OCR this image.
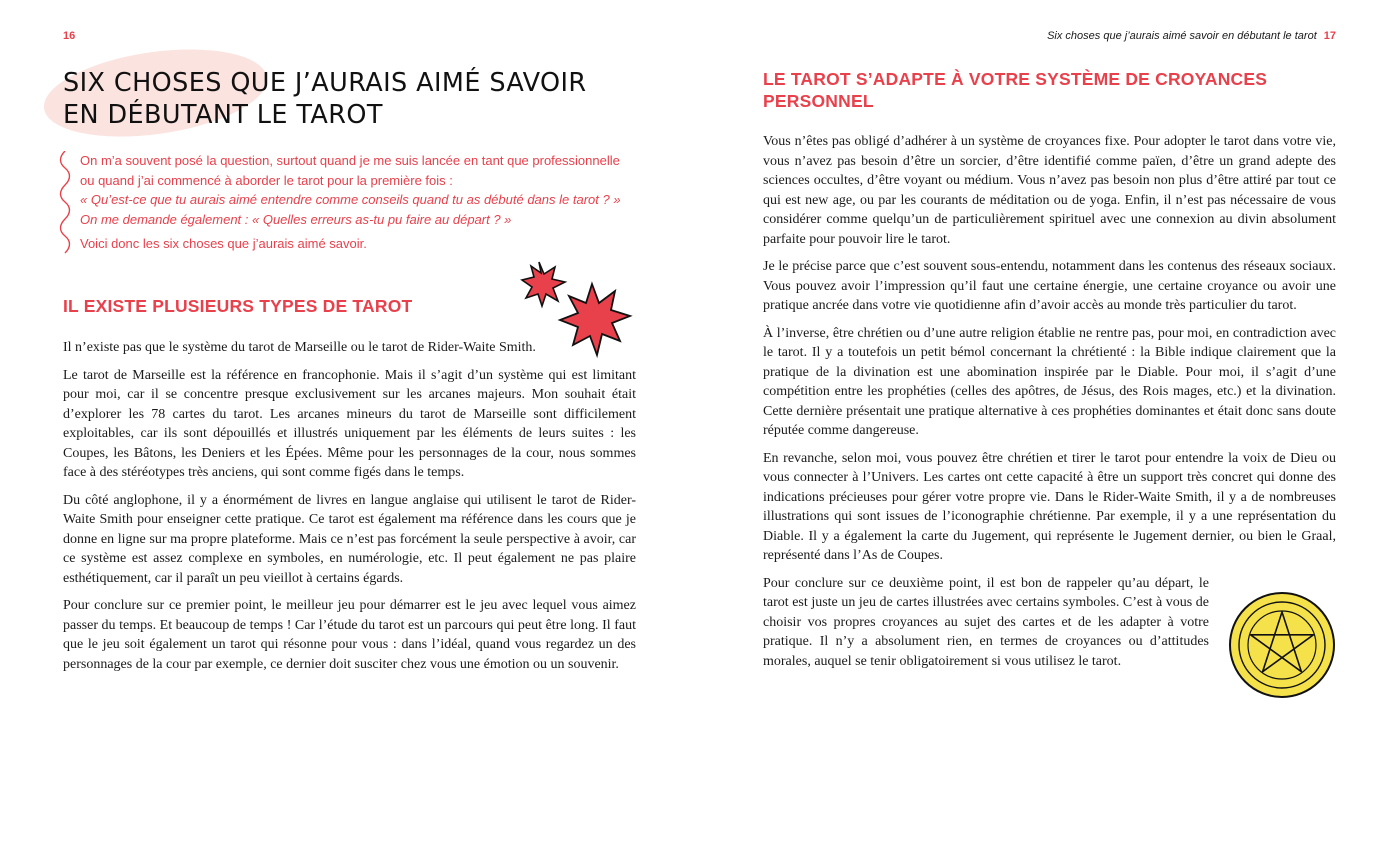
16
SIX CHOSES QUE J’AURAIS AIMÉ SAVOIR
EN DÉBUTANT LE TAROT

On m’a souvent posé la question, surtout quand je me suis lancée en tant que professionnelle ou quand j’ai commencé à aborder le tarot pour la première fois :

« Qu’est-ce que tu aurais aimé entendre comme conseils quand tu as débuté dans le tarot ? »

On me demande également : « Quelles erreurs as-tu pu faire au départ ? »

Voici donc les six choses que j’aurais aimé savoir.

IL EXISTE PLUSIEURS TYPES DE TAROT

Il n’existe pas que le système du tarot de Marseille ou le tarot de Rider-Waite Smith.

Le tarot de Marseille est la référence en francophonie. Mais il s’agit d’un système qui est limitant pour moi, car il se concentre presque exclusivement sur les arcanes majeurs. Mon souhait était d’explorer les 78 cartes du tarot. Les arcanes mineurs du tarot de Marseille sont difficilement exploitables, car ils sont dépouillés et illustrés uniquement par les éléments de leurs suites : les Coupes, les Bâtons, les Deniers et les Épées. Même pour les personnages de la cour, nous sommes face à des stéréotypes très anciens, qui sont comme figés dans le temps.

Du côté anglophone, il y a énormément de livres en langue anglaise qui utilisent le tarot de Rider-Waite Smith pour enseigner cette pratique. Ce tarot est également ma référence dans les cours que je donne en ligne sur ma propre plateforme. Mais ce n’est pas forcément la seule perspective à avoir, car ce système est assez complexe en symboles, en numérologie, etc. Il peut également ne pas plaire esthétiquement, car il paraît un peu vieillot à certains égards.

Pour conclure sur ce premier point, le meilleur jeu pour démarrer est le jeu avec lequel vous aimez passer du temps. Et beaucoup de temps ! Car l’étude du tarot est un parcours qui peut être long. Il faut que le jeu soit également un tarot qui résonne pour vous : dans l’idéal, quand vous regardez un des personnages de la cour par exemple, ce dernier doit susciter chez vous une émotion ou un souvenir.

Six choses que j’aurais aimé savoir en débutant le tarot 17
LE TAROT S’ADAPTE À VOTRE SYSTÈME DE CROYANCES PERSONNEL

Vous n’êtes pas obligé d’adhérer à un système de croyances fixe. Pour adopter le tarot dans votre vie, vous n’avez pas besoin d’être un sorcier, d’être identifié comme païen, d’être un grand adepte des sciences occultes, d’être voyant ou médium. Vous n’avez pas besoin non plus d’être attiré par tout ce qui est new age, ou par les courants de méditation ou de yoga. Enfin, il n’est pas nécessaire de vous considérer comme quelqu’un de particulièrement spirituel avec une connexion au divin absolument parfaite pour pouvoir lire le tarot.

Je le précise parce que c’est souvent sous-entendu, notamment dans les contenus des réseaux sociaux. Vous pouvez avoir l’impression qu’il faut une certaine énergie, une certaine croyance ou avoir une pratique ancrée dans votre vie quotidienne afin d’avoir accès au monde très particulier du tarot.

À l’inverse, être chrétien ou d’une autre religion établie ne rentre pas, pour moi, en contradiction avec le tarot. Il y a toutefois un petit bémol concernant la chrétienté : la Bible indique clairement que la pratique de la divination est une abomination inspirée par le Diable. Pour moi, il s’agit d’une compétition entre les prophéties (celles des apôtres, de Jésus, des Rois mages, etc.) et la divination. Cette dernière présentait une pratique alternative à ces prophéties dominantes et était donc sans doute réputée comme dangereuse.

En revanche, selon moi, vous pouvez être chrétien et tirer le tarot pour entendre la voix de Dieu ou vous connecter à l’Univers. Les cartes ont cette capacité à être un support très concret qui donne des indications précieuses pour gérer votre propre vie. Dans le Rider-Waite Smith, il y a de nombreuses illustrations qui sont issues de l’iconographie chrétienne. Par exemple, il y a une représentation du Diable. Il y a également la carte du Jugement, qui représente le Jugement dernier, ou bien le Graal, représenté dans l’As de Coupes.

Pour conclure sur ce deuxième point, il est bon de rappeler qu’au départ, le tarot est juste un jeu de cartes illustrées avec certains symboles. C’est à vous de choisir vos propres croyances au sujet des cartes et de les adapter à votre pratique. Il n’y a absolument rien, en termes de croyances ou d’attitudes morales, auquel se tenir obligatoirement si vous utilisez le tarot.
